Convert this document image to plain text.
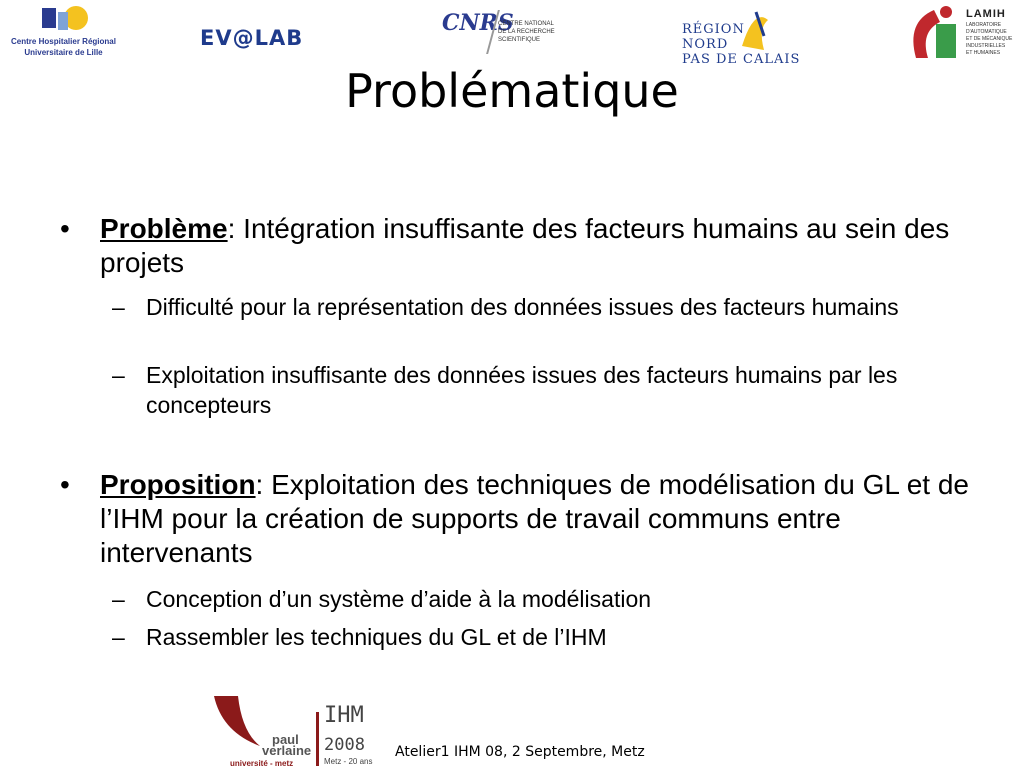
Centre Hospitalier Régional
Universitaire de Lille
EV@LAB
CNRS
CENTRE NATIONAL
DE LA RECHERCHE
SCIENTIFIQUE
RÉGION
NORD
PAS DE CALAIS
LAMIH
LABORATOIRE
D'AUTOMATIQUE
ET DE MÉCANIQUE
INDUSTRIELLES
ET HUMAINES
Problématique
• Problème: Intégration insuffisante des facteurs humains au sein des projets
– Difficulté pour la représentation des données issues des facteurs humains
– Exploitation insuffisante des données issues des facteurs humains par les concepteurs
• Proposition: Exploitation des techniques de modélisation du GL et de l’IHM pour la création de supports de travail communs entre intervenants
– Conception d’un système d’aide à la modélisation
– Rassembler les techniques du GL et de l’IHM
paul
verlaine
université - metz
IHM
2008
Metz - 20 ans
Atelier1 IHM 08, 2 Septembre, Metz
